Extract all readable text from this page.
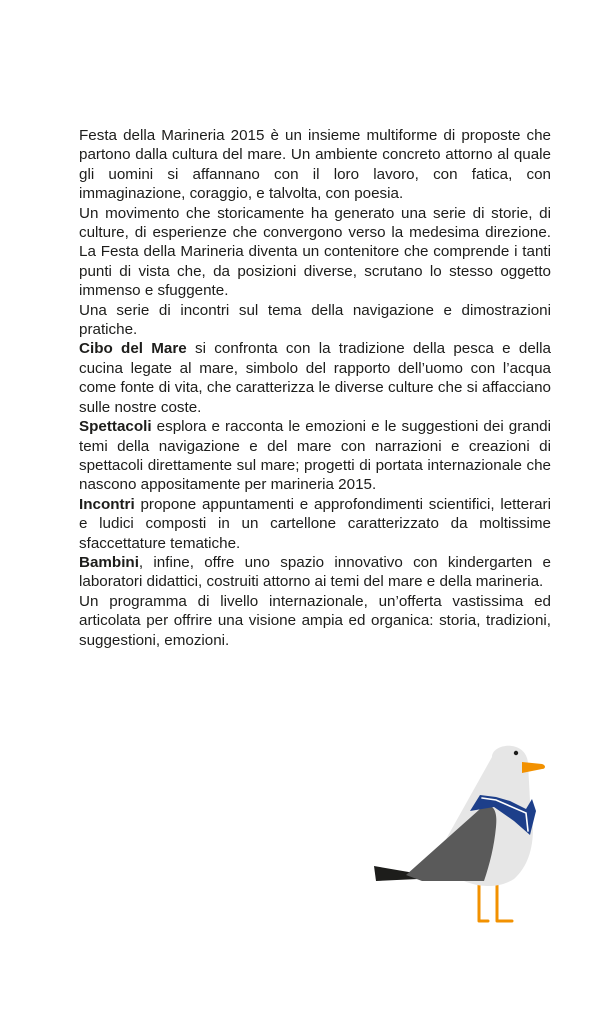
Festa della Marineria 2015 è un insieme multiforme di proposte che partono dalla cultura del mare. Un ambiente concreto attorno al quale gli uomini si affannano con il loro lavoro, con fatica, con immaginazione, coraggio, e talvolta, con poesia.

Un movimento che storicamente ha generato una serie di storie, di culture, di esperienze che convergono verso la medesima direzione. La Festa della Marineria diventa un contenitore che comprende i tanti punti di vista che, da posizioni diverse, scrutano lo stesso oggetto immenso e sfuggente.

Una serie di incontri sul tema della navigazione e dimostrazioni pratiche.

Cibo del Mare si confronta con la tradizione della pesca e della cucina legate al mare, simbolo del rapporto dell’uomo con l’acqua come fonte di vita, che caratterizza le diverse culture che si affacciano sulle nostre coste.

Spettacoli esplora e racconta le emozioni e le suggestioni dei grandi temi della navigazione e del mare con narrazioni e creazioni di spettacoli direttamente sul mare; progetti di portata internazionale che nascono appositamente per marineria 2015.

Incontri propone appuntamenti e approfondimenti scientifici, letterari e ludici composti in un cartellone caratterizzato da moltissime sfaccettature tematiche.

Bambini, infine, offre uno spazio innovativo con kindergarten e laboratori didattici, costruiti attorno ai temi del mare e della marineria.

Un programma di livello internazionale, un’offerta vastissima ed articolata per offrire una visione ampia ed organica: storia, tradizioni, suggestioni, emozioni.
